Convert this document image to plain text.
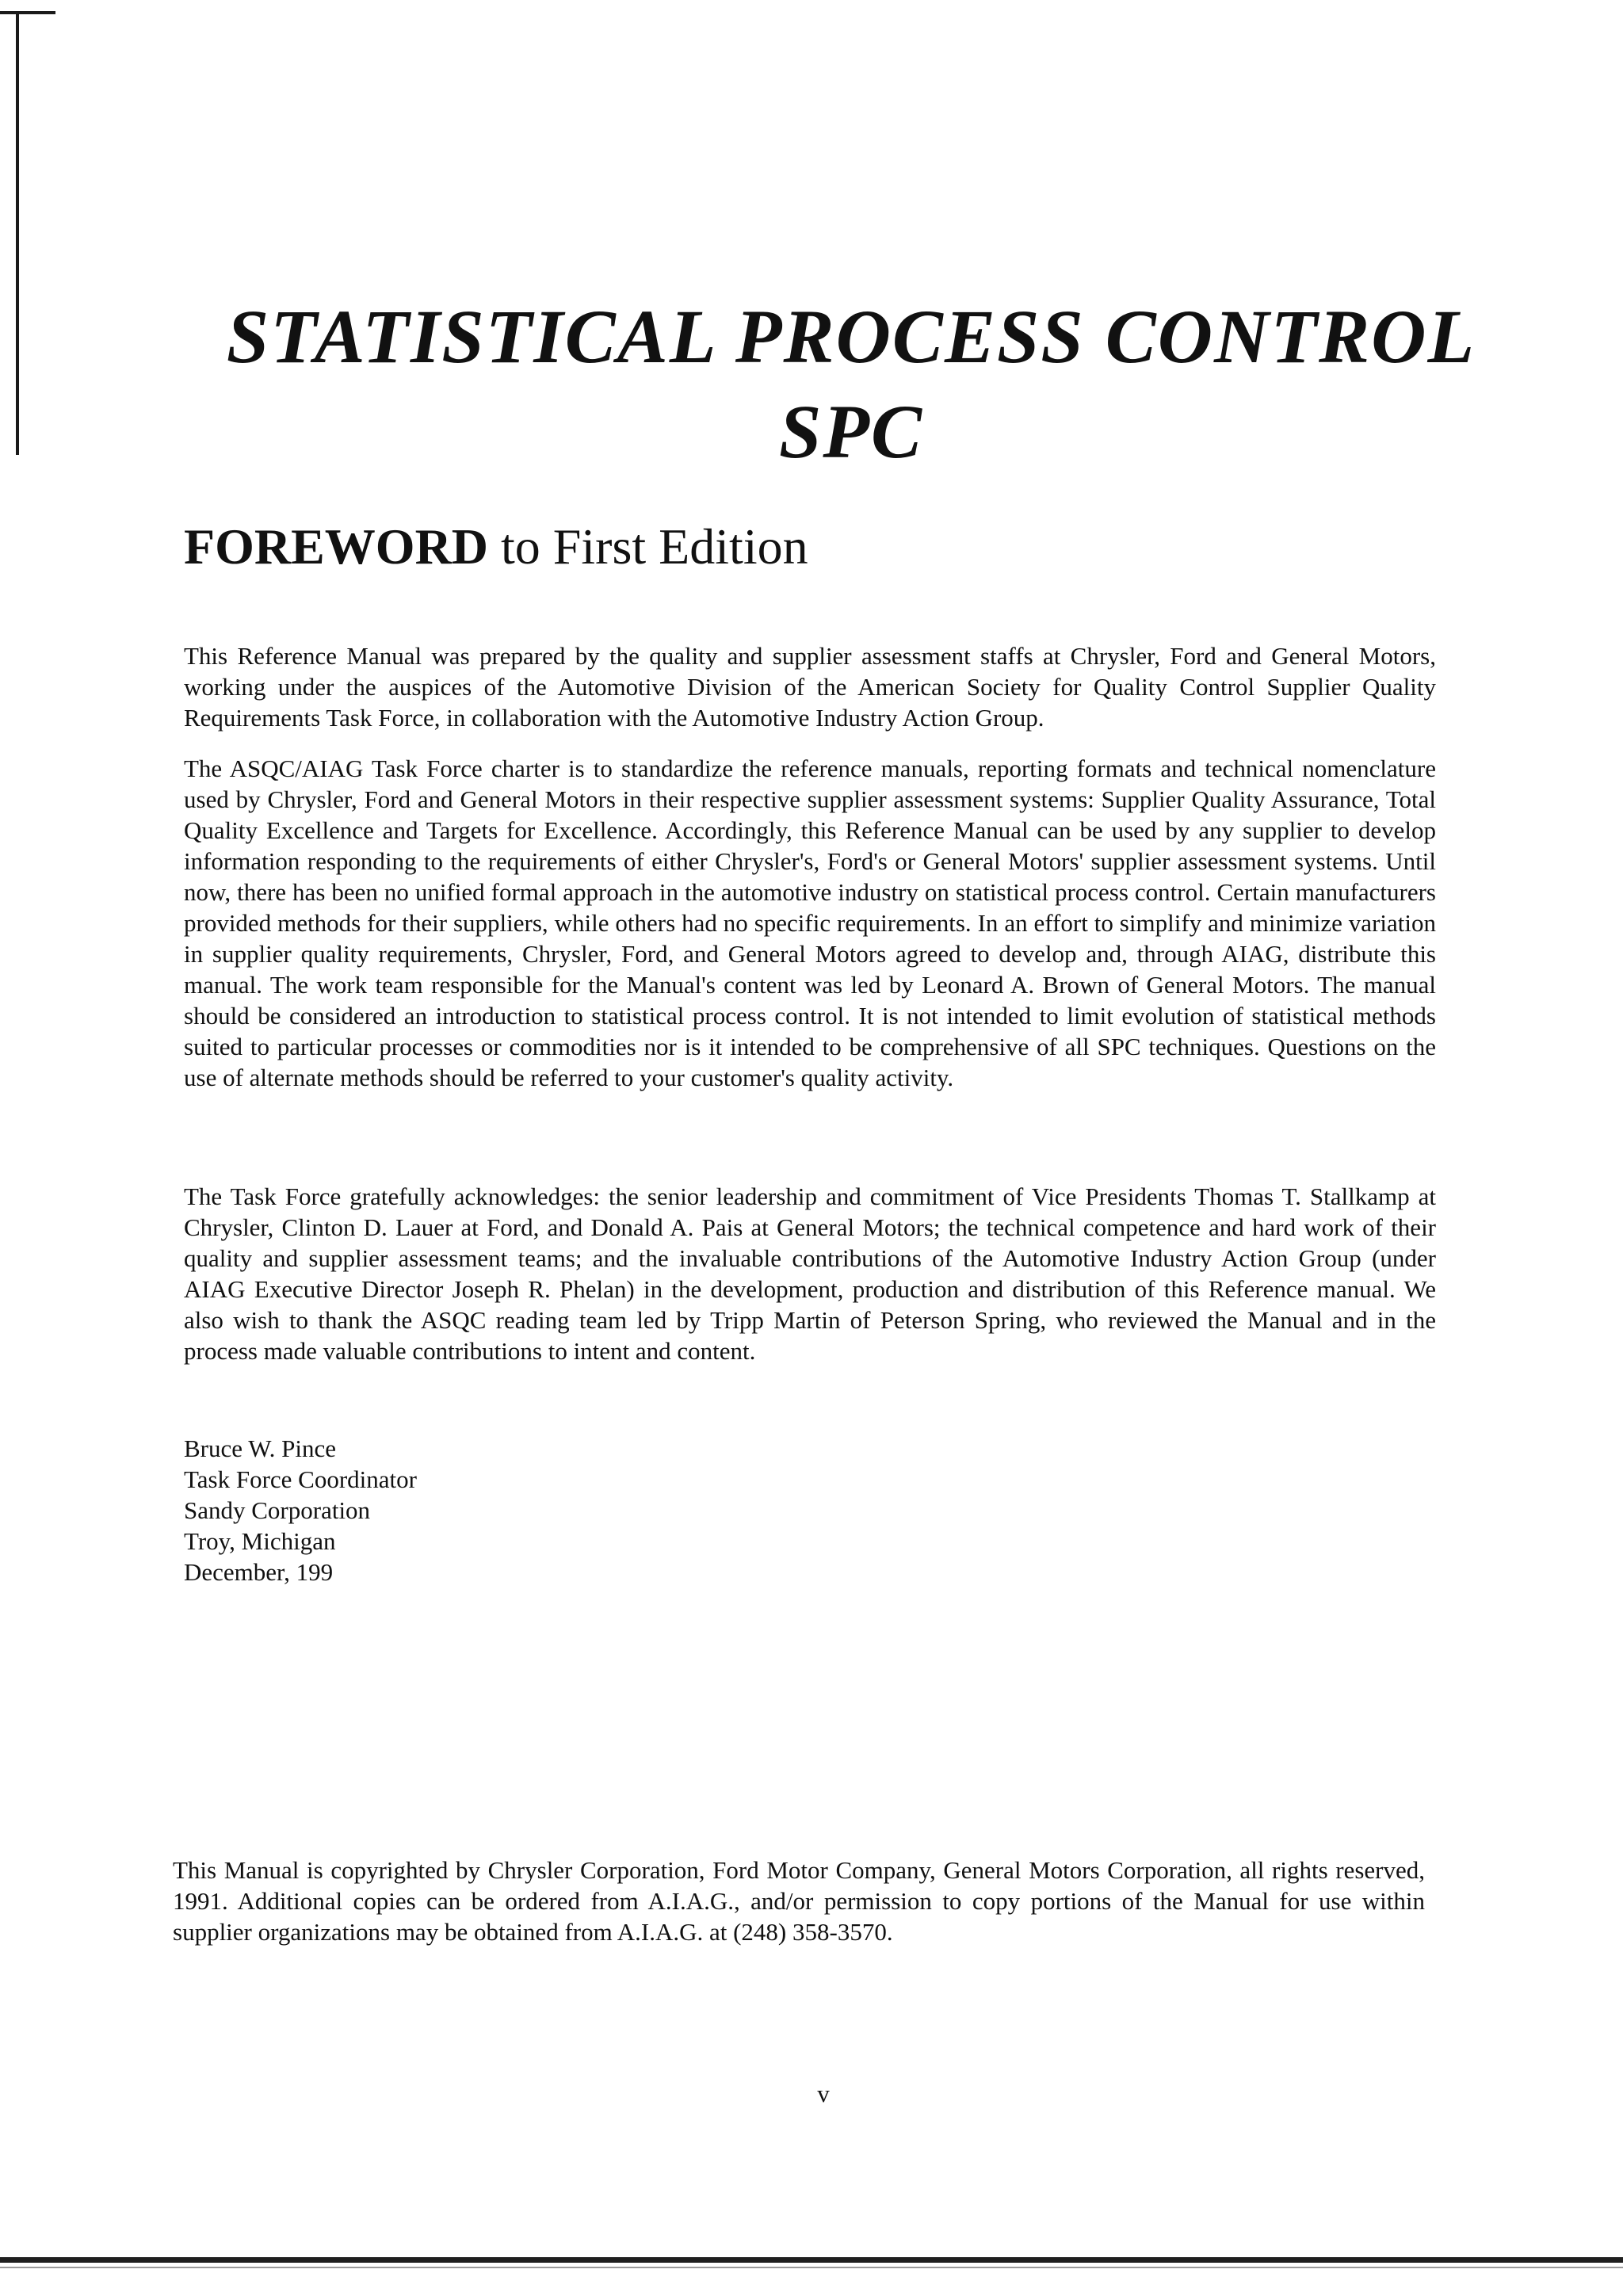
STATISTICAL PROCESS CONTROL
SPC
FOREWORD to First Edition

This Reference Manual was prepared by the quality and supplier assessment staffs at Chrysler, Ford and General Motors, working under the auspices of the Automotive Division of the American Society for Quality Control Supplier Quality Requirements Task Force, in collaboration with the Automotive Industry Action Group.

The ASQC/AIAG Task Force charter is to standardize the reference manuals, reporting formats and technical nomenclature used by Chrysler, Ford and General Motors in their respective supplier assessment systems: Supplier Quality Assurance, Total Quality Excellence and Targets for Excellence. Accordingly, this Reference Manual can be used by any supplier to develop information responding to the requirements of either Chrysler's, Ford's or General Motors' supplier assessment systems. Until now, there has been no unified formal approach in the automotive industry on statistical process control. Certain manufacturers provided methods for their suppliers, while others had no specific requirements. In an effort to simplify and minimize variation in supplier quality requirements, Chrysler, Ford, and General Motors agreed to develop and, through AIAG, distribute this manual. The work team responsible for the Manual's content was led by Leonard A. Brown of General Motors. The manual should be considered an introduction to statistical process control. It is not intended to limit evolution of statistical methods suited to particular processes or commodities nor is it intended to be comprehensive of all SPC techniques. Questions on the use of alternate methods should be referred to your customer's quality activity.

The Task Force gratefully acknowledges: the senior leadership and commitment of Vice Presidents Thomas T. Stallkamp at Chrysler, Clinton D. Lauer at Ford, and Donald A. Pais at General Motors; the technical competence and hard work of their quality and supplier assessment teams; and the invaluable contributions of the Automotive Industry Action Group (under AIAG Executive Director Joseph R. Phelan) in the development, production and distribution of this Reference manual. We also wish to thank the ASQC reading team led by Tripp Martin of Peterson Spring, who reviewed the Manual and in the process made valuable contributions to intent and content.

Bruce W. Pince
Task Force Coordinator
Sandy Corporation
Troy, Michigan
December, 199

This Manual is copyrighted by Chrysler Corporation, Ford Motor Company, General Motors Corporation, all rights reserved, 1991. Additional copies can be ordered from A.I.A.G., and/or permission to copy portions of the Manual for use within supplier organizations may be obtained from A.I.A.G. at (248) 358-3570.

v
